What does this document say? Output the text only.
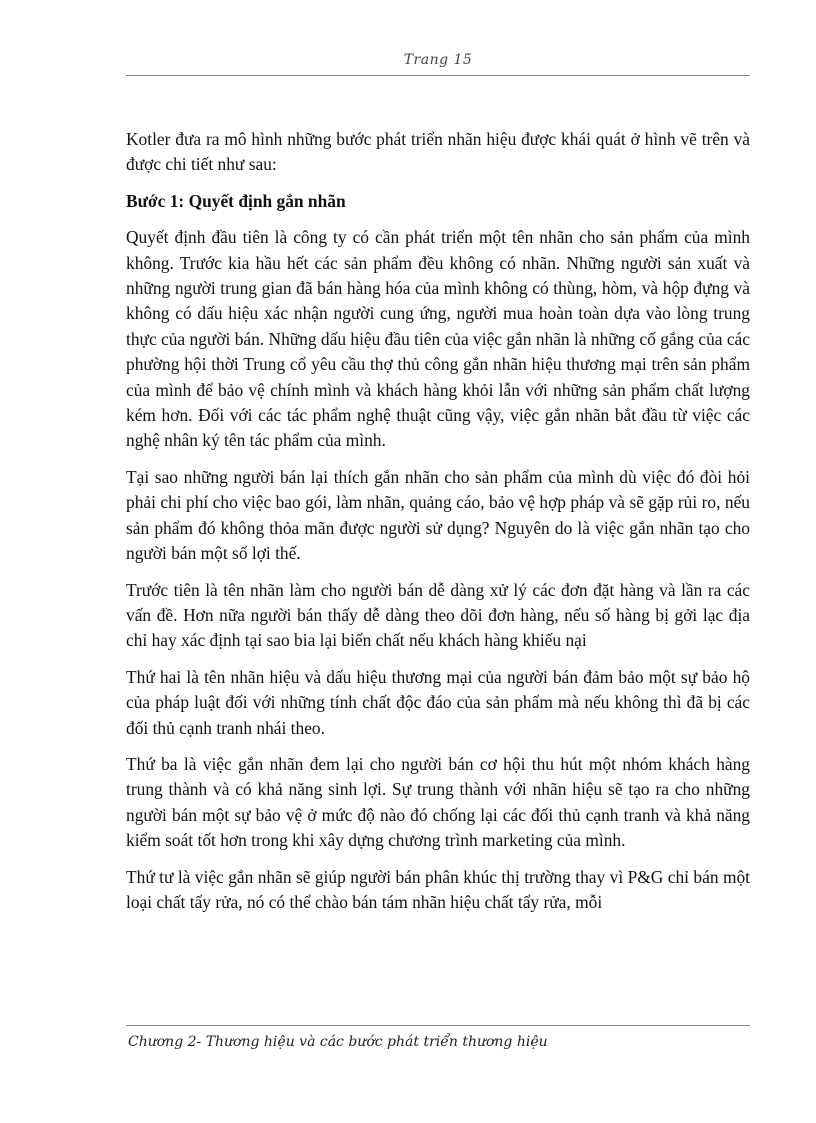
Trang 15

Kotler đưa ra mô hình những bước phát triển nhãn hiệu được khái quát ở hình vẽ trên và được chi tiết như sau:

Bước 1: Quyết định gắn nhãn

Quyết định đầu tiên là công ty có cần phát triển một tên nhãn cho sản phẩm của mình không. Trước kia hầu hết các sản phẩm đều không có nhãn. Những người sản xuất và những người trung gian đã bán hàng hóa của mình không có thùng, hòm, và hộp đựng và không có dấu hiệu xác nhận người cung ứng, người mua hoàn toàn dựa vào lòng trung thực của người bán. Những dấu hiệu đầu tiên của việc gắn nhãn là những cố gắng của các phường hội thời Trung cổ yêu cầu thợ thủ công gắn nhãn hiệu thương mại trên sản phẩm của mình để bảo vệ chính mình và khách hàng khỏi lẫn với những sản phẩm chất lượng kém hơn. Đối với các tác phẩm nghệ thuật cũng vậy, việc gắn nhãn bắt đầu từ việc các nghệ nhân ký tên tác phẩm của mình.

Tại sao những người bán lại thích gắn nhãn cho sản phẩm của mình dù việc đó đòi hỏi phải chi phí cho việc bao gói, làm nhãn, quảng cáo, bảo vệ hợp pháp và sẽ gặp rủi ro, nếu sản phẩm đó không thỏa mãn được người sử dụng? Nguyên do là việc gắn nhãn tạo cho người bán một số lợi thế.

Trước tiên là tên nhãn làm cho người bán dễ dàng xử lý các đơn đặt hàng và lần ra các vấn đề. Hơn nữa người bán thấy dễ dàng theo dõi đơn hàng, nếu số hàng bị gởi lạc địa chỉ hay xác định tại sao bia lại biến chất nếu khách hàng khiếu nại

Thứ hai là tên nhãn hiệu và dấu hiệu thương mại của người bán đảm bảo một sự bảo hộ của pháp luật đối với những tính chất độc đáo của sản phẩm mà nếu không thì đã bị các đối thủ cạnh tranh nhái theo.

Thứ ba là việc gắn nhãn đem lại cho người bán cơ hội thu hút một nhóm khách hàng trung thành và có khả năng sinh lợi. Sự trung thành với nhãn hiệu sẽ tạo ra cho những người bán một sự bảo vệ ở mức độ nào đó chống lại các đối thủ cạnh tranh và khả năng kiểm soát tốt hơn trong khi xây dựng chương trình marketing của mình.

Thứ tư là việc gắn nhãn sẽ giúp người bán phân khúc thị trường thay vì P&G chỉ bán một loại chất tẩy rửa, nó có thể chào bán tám nhãn hiệu chất tẩy rửa, mỗi

Chương 2- Thương hiệu và các bước phát triển thương hiệu
